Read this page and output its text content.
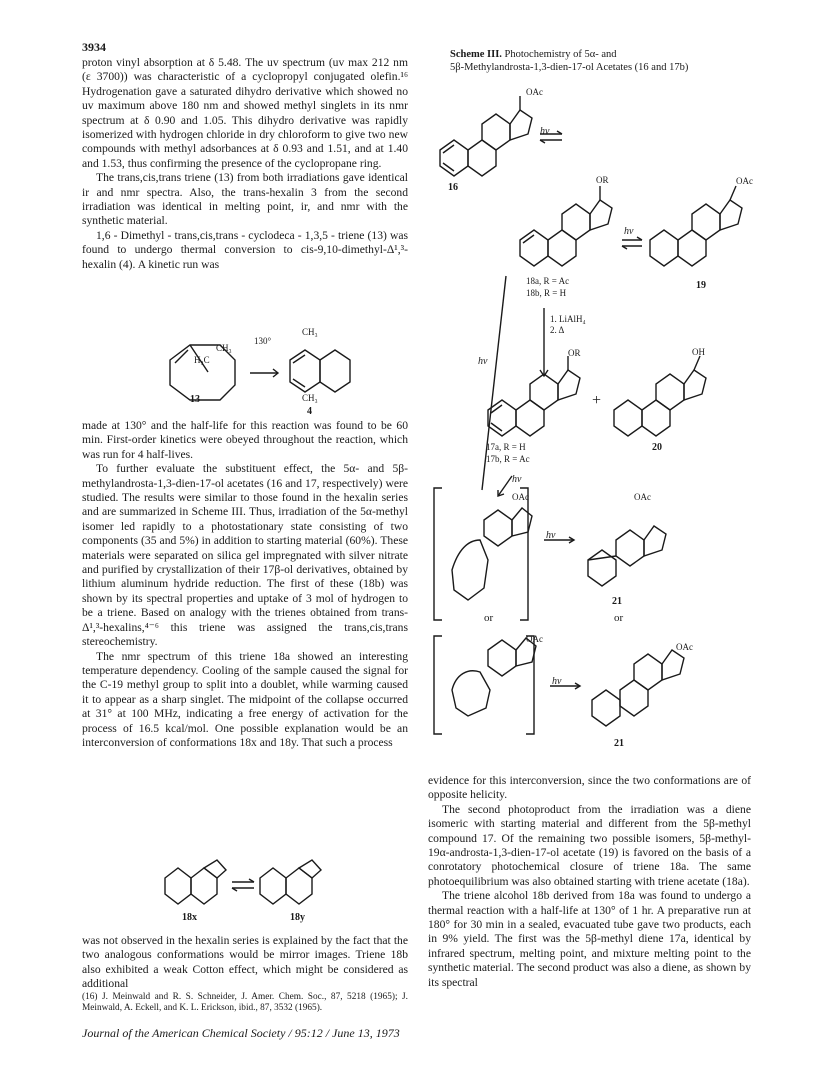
3934

proton vinyl absorption at δ 5.48. The uv spectrum (uv max 212 nm (ε 3700)) was characteristic of a cyclopropyl conjugated olefin.¹⁶ Hydrogenation gave a saturated dihydro derivative which showed no uv maximum above 180 nm and showed methyl singlets in its nmr spectrum at δ 0.90 and 1.05. This dihydro derivative was rapidly isomerized with hydrogen chloride in dry chloroform to give two new compounds with methyl adsorbances at δ 0.93 and 1.51, and at 1.40 and 1.53, thus confirming the presence of the cyclopropane ring.

The trans,cis,trans triene (13) from both irradiations gave identical ir and nmr spectra. Also, the trans-hexalin 3 from the second irradiation was identical in melting point, ir, and nmr with the synthetic material.

1,6 - Dimethyl - trans,cis,trans - cyclodeca - 1,3,5 - triene (13) was found to undergo thermal conversion to cis-9,10-dimethyl-Δ¹,³-hexalin (4). A kinetic run was

H₃C
CH₃
130°
CH₃
CH₃
13
4

made at 130° and the half-life for this reaction was found to be 60 min. First-order kinetics were obeyed throughout the reaction, which was run for 4 half-lives.

To further evaluate the substituent effect, the 5α- and 5β-methylandrosta-1,3-dien-17-ol acetates (16 and 17, respectively) were studied. The results were similar to those found in the hexalin series and are summarized in Scheme III. Thus, irradiation of the 5α-methyl isomer led rapidly to a photostationary state consisting of two components (35 and 5%) in addition to starting material (60%). These materials were separated on silica gel impregnated with silver nitrate and purified by crystallization of their 17β-ol derivatives, obtained by lithium aluminum hydride reduction. The first of these (18b) was shown by its spectral properties and uptake of 3 mol of hydrogen to be a triene. Based on analogy with the trienes obtained from trans-Δ¹,³-hexalins,⁴⁻⁶ this triene was assigned the trans,cis,trans stereochemistry.

The nmr spectrum of this triene 18a showed an interesting temperature dependency. Cooling of the sample caused the signal for the C-19 methyl group to split into a doublet, while warming caused it to appear as a sharp singlet. The midpoint of the collapse occurred at 31° at 100 MHz, indicating a free energy of activation for the process of 16.5 kcal/mol. One possible explanation would be an interconversion of conformations 18x and 18y. That such a process

18x	18y

was not observed in the hexalin series is explained by the fact that the two analogous conformations would be mirror images. Triene 18b also exhibited a weak Cotton effect, which might be considered as additional

(16) J. Meinwald and R. S. Schneider, J. Amer. Chem. Soc., 87, 5218 (1965); J. Meinwald, A. Eckell, and K. L. Erickson, ibid., 87, 3532 (1965).

Scheme III. Photochemistry of 5α- and
5β-Methylandrosta-1,3-dien-17-ol Acetates (16 and 17b)
OAc
hν
16
OR
hν
OAc
18a, R = Ac
18b, R = H
19
1. LiAlH₄
2. Δ
hν
OR
+
OH
17a, R = H
17b, R = Ac
20
hν
OAc
hν
OAc
21
or	or
OAc
hν
OAc
21

evidence for this interconversion, since the two conformations are of opposite helicity.

The second photoproduct from the irradiation was a diene isomeric with starting material and different from the 5β-methyl compound 17. Of the remaining two possible isomers, 5β-methyl-19α-androsta-1,3-dien-17-ol acetate (19) is favored on the basis of a conrotatory photochemical closure of triene 18a. The same photoequilibrium was also obtained starting with triene acetate (18a).

The triene alcohol 18b derived from 18a was found to undergo a thermal reaction with a half-life at 130° of 1 hr. A preparative run at 180° for 30 min in a sealed, evacuated tube gave two products, each in 9% yield. The first was the 5β-methyl diene 17a, identical by infrared spectrum, melting point, and mixture melting point to the synthetic material. The second product was also a diene, as shown by its spectral

Journal of the American Chemical Society / 95:12 / June 13, 1973
